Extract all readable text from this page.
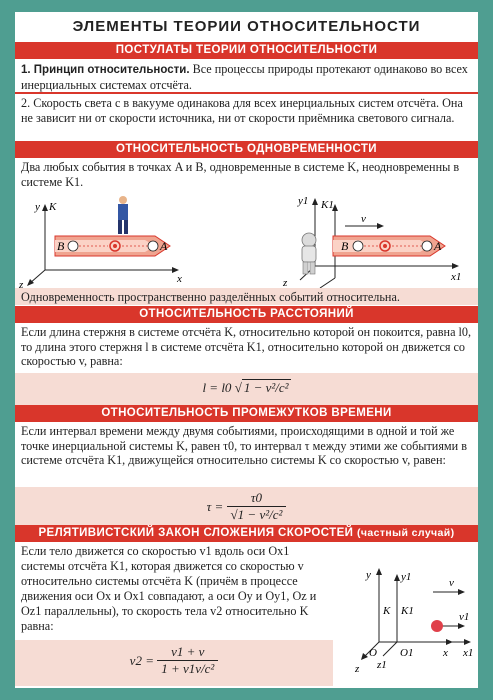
ЭЛЕМЕНТЫ ТЕОРИИ ОТНОСИТЕЛЬНОСТИ
ПОСТУЛАТЫ ТЕОРИИ ОТНОСИТЕЛЬНОСТИ
1. Принцип относительности. Все процессы природы протекают одинаково во всех инерциальных системах отсчёта.
2. Скорость света c в вакууме одинакова для всех инерциальных систем отсчёта. Она не зависит ни от скорости источника, ни от скорости приёмника светового сигнала.
ОТНОСИТЕЛЬНОСТЬ ОДНОВРЕМЕННОСТИ
Два любых события в точках A и B, одновременные в системе K, неодновременны в системе K1.
B	A
y K
x
z
B	A
y1 K1
v
x1
z
Одновременность пространственно разделённых событий относительна.
ОТНОСИТЕЛЬНОСТЬ РАССТОЯНИЙ
Если длина стержня в системе отсчёта K, относительно которой он покоится, равна l0, то длина этого стержня l в системе отсчёта K1, относительно которой он движется со скоростью v, равна:
l = l0 √ 1 − v²/c²
ОТНОСИТЕЛЬНОСТЬ ПРОМЕЖУТКОВ ВРЕМЕНИ
Если интервал времени между двумя событиями, происходящими в одной и той же точке инерциальной системы K, равен τ0, то интервал τ между этими же событиями в системе отсчёта K1, движущейся относительно системы K со скоростью v, равен:
$\tau = \frac{\tau 0}{\text{√1 − v²/c²}}$
РЕЛЯТИВИСТСКИЙ ЗАКОН СЛОЖЕНИЯ СКОРОСТЕЙ (частный случай)
Если тело движется со скоростью v1 вдоль оси Ox1 системы отсчёта K1, которая движется со скоростью v относительно системы отсчёта K (причём в процессе движения оси Ox и Ox1 совпадают, а оси Oy и Oy1, Oz и Oz1 параллельны), то скорость тела v2 относительно K равна:
$v2 = \frac{v1 + v}{\text{1 + v1v/c²}}$
y	y1
K K1
O O1	x x1
z z1
v
v1
